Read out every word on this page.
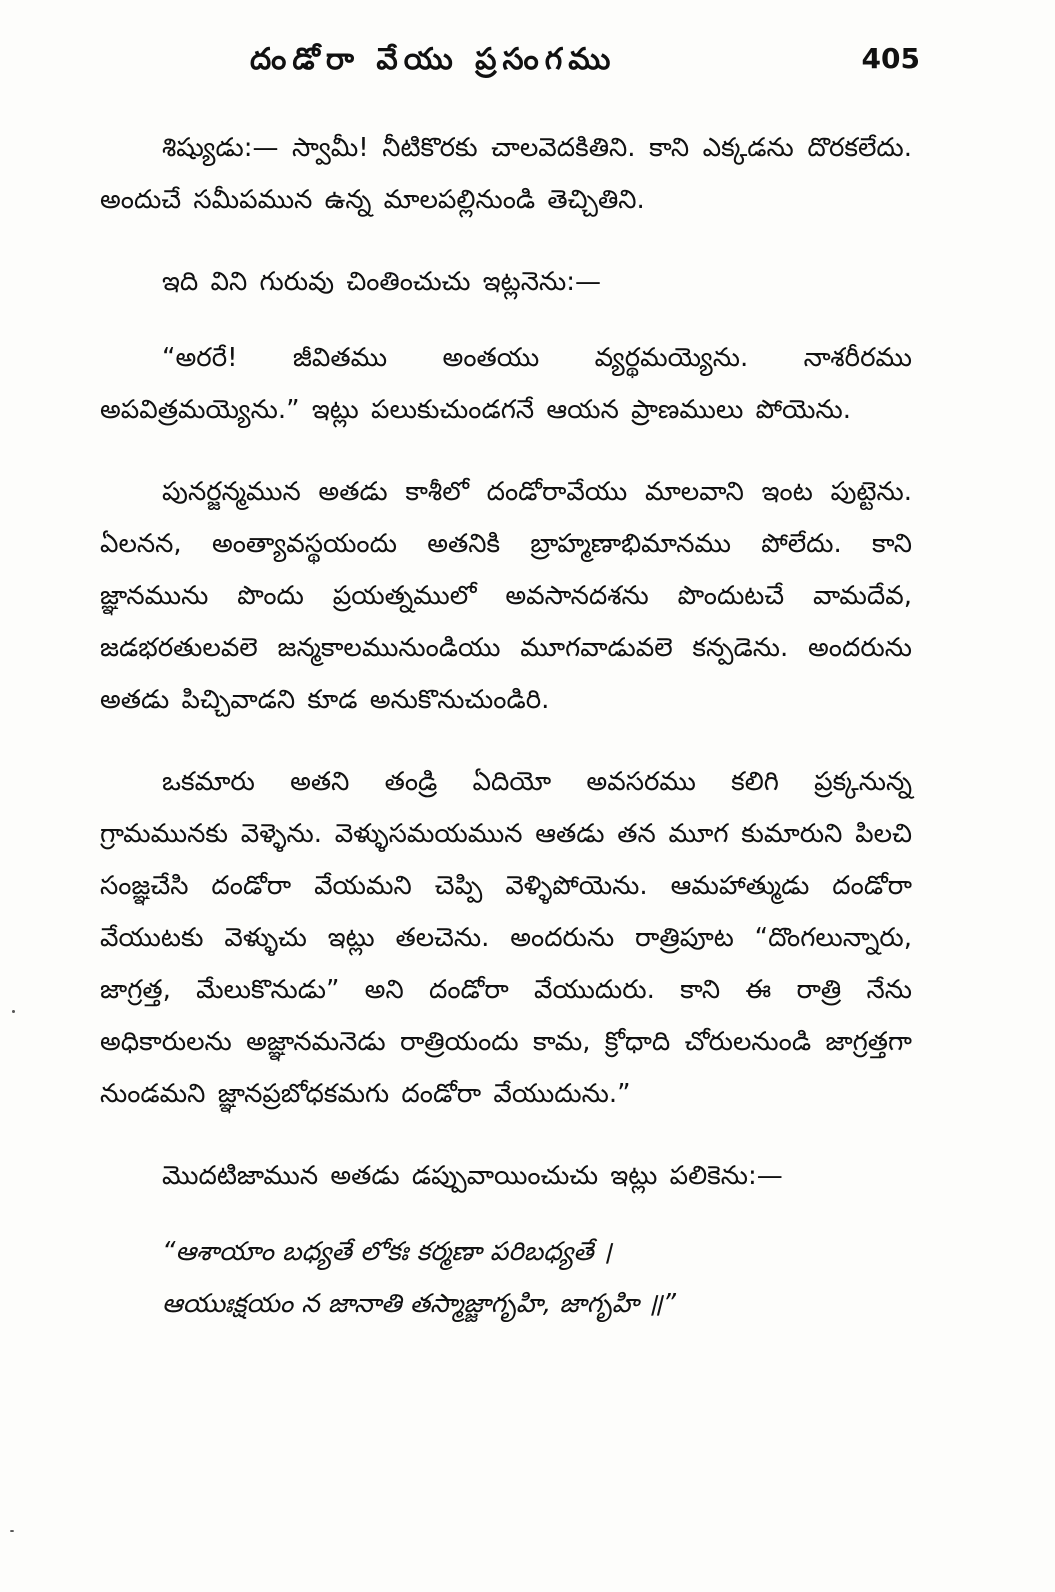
దండోరా వేయు ప్రసంగము	405

శిష్యుడు:— స్వామీ! నీటికొరకు చాలవెదకితిని. కాని ఎక్కడను దొరకలేదు. అందుచే సమీపమున ఉన్న మాలపల్లినుండి తెచ్చితిని.

ఇది విని గురువు చింతించుచు ఇట్లనెను:—

“అరరే! జీవితము అంతయు వ్యర్థమయ్యెను. నాశరీరము అపవిత్రమయ్యెను.” ఇట్లు పలుకుచుండగనే ఆయన ప్రాణములు పోయెను.

పునర్జన్మమున అతడు కాశీలో దండోరావేయు మాలవాని ఇంట పుట్టెను. ఏలనన, అంత్యావస్థయందు అతనికి బ్రాహ్మణాభిమానము పోలేదు. కాని జ్ఞానమును పొందు ప్రయత్నములో అవసానదశను పొందుటచే వామదేవ, జడభరతులవలె జన్మకాలమునుండియు మూగవాడువలె కన్పడెను. అందరును అతడు పిచ్చివాడని కూడ అనుకొనుచుండిరి.

ఒకమారు అతని తండ్రి ఏదియో అవసరము కలిగి ప్రక్కనున్న గ్రామమునకు వెళ్ళెను. వెళ్ళుసమయమున ఆతడు తన మూగ కుమారుని పిలచి సంజ్ఞచేసి దండోరా వేయమని చెప్పి వెళ్ళిపోయెను. ఆమహాత్ముడు దండోరా వేయుటకు వెళ్ళుచు ఇట్లు తలచెను. అందరును రాత్రిపూట “దొంగలున్నారు, జాగ్రత్త, మేలుకొనుడు” అని దండోరా వేయుదురు. కాని ఈ రాత్రి నేను అధికారులను అజ్ఞానమనెడు రాత్రియందు కామ, క్రోధాది చోరులనుండి జాగ్రత్తగా నుండమని జ్ఞానప్రబోధకమగు దండోరా వేయుదును.”

మొదటిజామున అతడు డప్పువాయించుచు ఇట్లు పలికెను:—

“ఆశాయాం బధ్యతే లోకః కర్మణా పరిబధ్యతే ।

ఆయుఃక్షయం న జానాతి తస్మాజ్జాగృహి, జాగృహి ॥”
